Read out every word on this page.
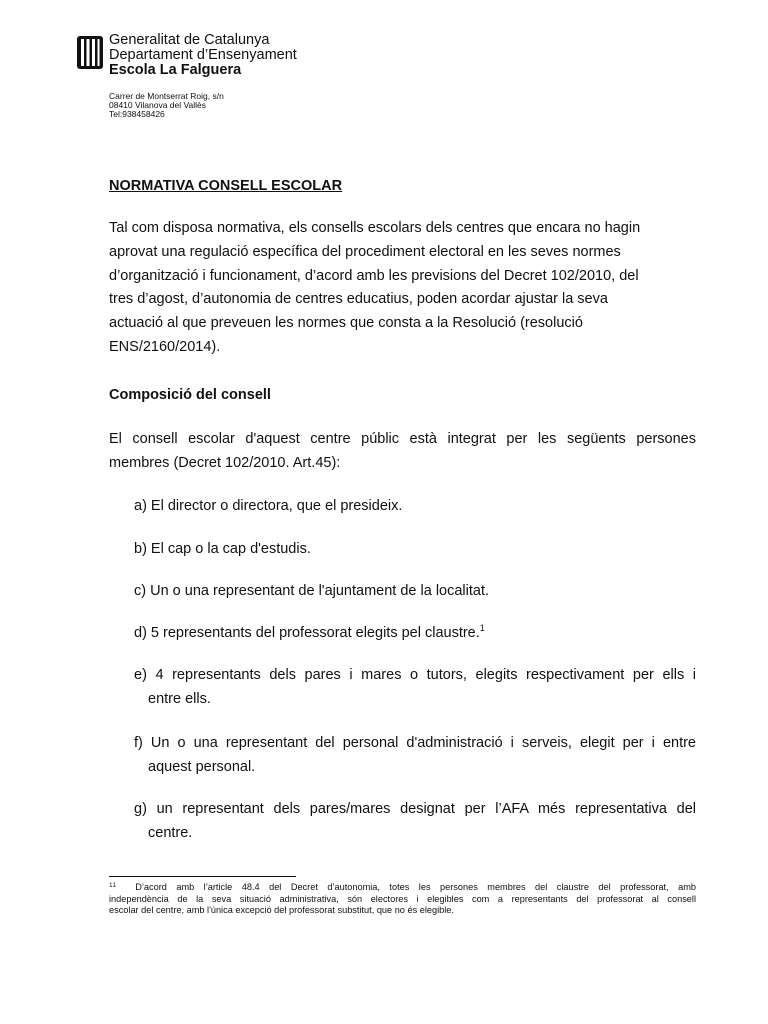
Generalitat de Catalunya
Departament d’Ensenyament
Escola La Falguera
Carrer de Montserrat Roig, s/n
08410 Vilanova del Vallès
Tel:938458426
NORMATIVA CONSELL ESCOLAR
Tal com disposa normativa, els consells escolars dels centres que encara no hagin
aprovat una regulació específica del procediment electoral en les seves normes
d’organització i funcionament, d’acord amb les previsions del Decret 102/2010, del
tres d’agost, d’autonomia de centres educatius, poden acordar ajustar la seva
actuació al que preveuen les normes que consta a la Resolució (resolució
ENS/2160/2014).
Composició del consell
El consell escolar d'aquest centre públic està integrat per les següents persones
membres (Decret 102/2010. Art.45):
a) El director o directora, que el presideix.
b) El cap o la cap d'estudis.
c) Un o una representant de l'ajuntament de la localitat.
d) 5 representants del professorat elegits pel claustre.$^1$
e) 4 representants dels pares i mares o tutors, elegits respectivament per ells i
entre ells.
f) Un o una representant del personal d'administració i serveis, elegit per i entre
aquest personal.
g) un representant dels pares/mares designat per l’AFA més representativa del
centre.
$^{11}$ D’acord amb l’article 48.4 del Decret d’autonomia, totes les persones membres del claustre del professorat, amb
independència de la seva situació administrativa, són electores i elegibles com a representants del professorat al consell
escolar del centre, amb l'única excepció del professorat substitut, que no és elegible.
